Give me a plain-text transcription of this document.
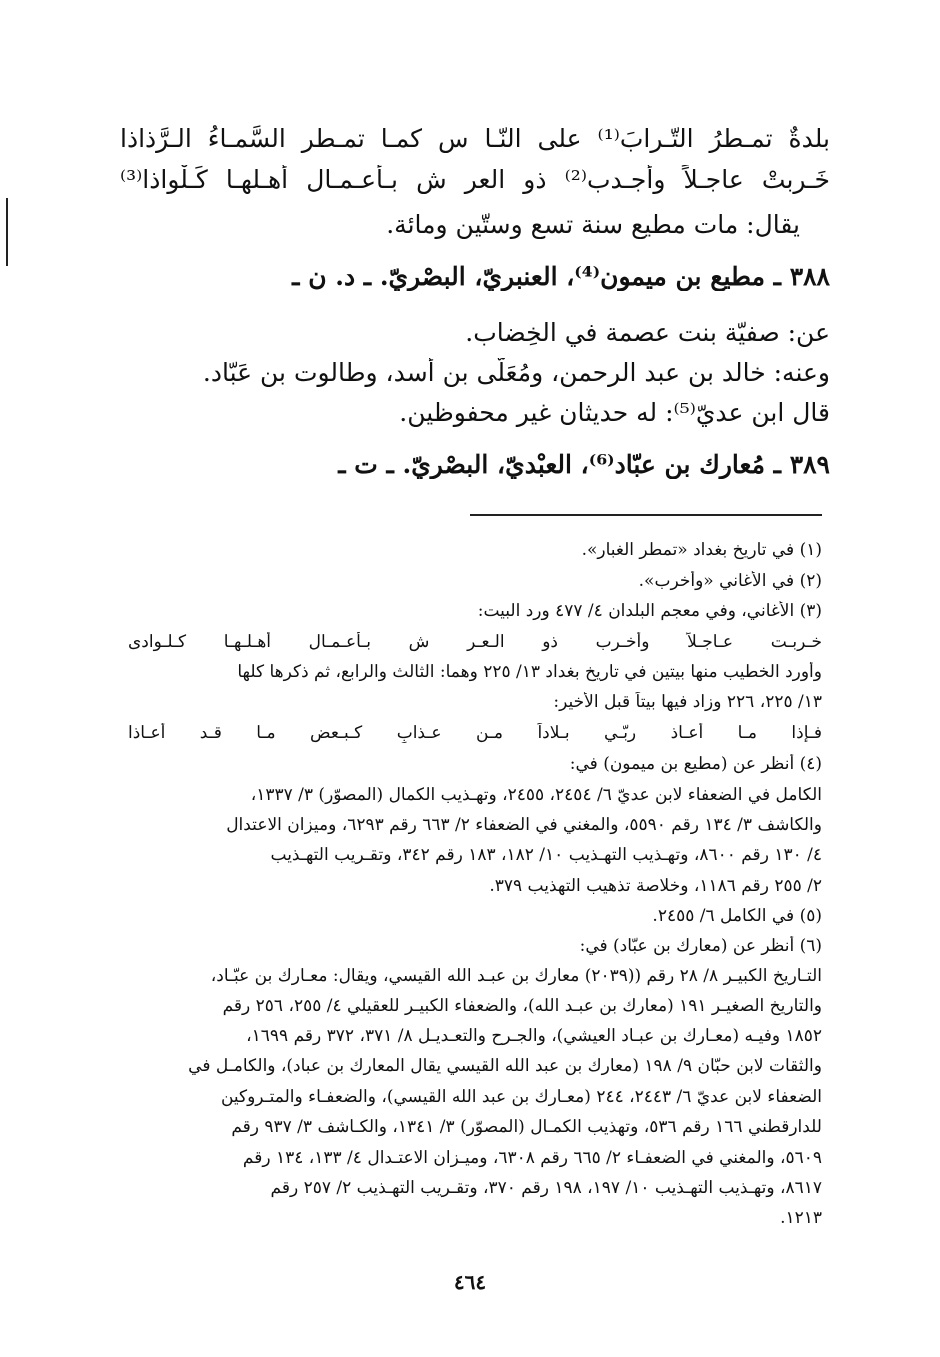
بلدةٌ تمـطرُ التّـرابَ⁽¹⁾ على النّـا س كمـا تمـطر السَّمـاءُ الـرَّذاذا
خَـرِبتْ عاجـلاً وأجـدب⁽²⁾ ذو العر ش بـأعـمـال أهـلهـا كَـلْواذا⁽³⁾
يقال: مات مطيع سنة تسعٍ وستّين ومائة.
٣٨٨ ـ مطيع بن ميمون⁽⁴⁾، العنبريّ، البصْريّ. ـ د. ن ـ
عن: صفيّة بنت عصمة في الخِضاب.
وعنه: خالد بن عبد الرحمن، ومُعَلّى بن أسد، وطالوت بن عَبّاد.
قال ابن عديّ⁽⁵⁾: له حديثان غير محفوظين.
٣٨٩ ـ مُعارك بن عبّاد⁽⁶⁾، العبْديّ، البصْريّ. ـ ت ـ
(١) في تاريخ بغداد «تمطر الغبار».
(٢) في الأغاني «وأخرب».
(٣) الأغاني، وفي معجم البلدان ٤/ ٤٧٧ ورد البيت:
خـربـت عـاجـلاً وأخـرب ذو الـعـر ش بـأعـمـال أهـلـهـا كـلـوادى
وأورد الخطيب منها بيتين في تاريخ بغداد ١٣/ ٢٢٥ وهما: الثالث والرابع، ثم ذكرها كلها
١٣/ ٢٢٥، ٢٢٦ وزاد فيها بيتاً قبل الأخير:
فـإذا مـا أعـاذ ربّـي بـلاداً مـن عـذابٍ كـبـعض مـا قـد أعـاذا
(٤) أنظر عن (مطيع بن ميمون) في:
الكامل في الضعفاء لابن عديّ ٦/ ٢٤٥٤، ٢٤٥٥، وتهـذيب الكمال (المصوّر) ٣/ ١٣٣٧،
والكاشف ٣/ ١٣٤ رقم ٥٥٩٠، والمغني في الضعفاء ٢/ ٦٦٣ رقم ٦٢٩٣، وميزان الاعتدال
٤/ ١٣٠ رقم ٨٦٠٠، وتهـذيب التهـذيب ١٠/ ١٨٢، ١٨٣ رقم ٣٤٢، وتقـريب التهـذيب
٢/ ٢٥٥ رقم ١١٨٦، وخلاصة تذهيب التهذيب ٣٧٩.
(٥) في الكامل ٦/ ٢٤٥٥.
(٦) أنظر عن (معارك بن عبّاد) في:
التـاريخ الكبيـر ٨/ ٢٨ رقم ((٢٠٣٩) معارك بن عبـد الله القيسي، ويقال: معـارك بن عبّـاد،
والتاريخ الصغيـر ١٩١ (معارك بن عبـد الله)، والضعفاء الكبيـر للعقيلي ٤/ ٢٥٥، ٢٥٦ رقم
١٨٥٢ وفيـه (معـارك بن عبـاد العيشي)، والجـرح والتعـديـل ٨/ ٣٧١، ٣٧٢ رقم ١٦٩٩،
والثقات لابن حبّان ٩/ ١٩٨ (معارك بن عبد الله القيسي يقال المعارك بن عباد)، والكامـل في
الضعفاء لابن عديّ ٦/ ٢٤٤٣، ٢٤٤ (معـارك بن عبد الله القيسي)، والضعفـاء والمتـروكين
للدارقطني ١٦٦ رقم ٥٣٦، وتهذيب الكمـال (المصوّر) ٣/ ١٣٤١، والكـاشف ٣/ ٩٣٧ رقم
٥٦٠٩، والمغني في الضعفـاء ٢/ ٦٦٥ رقم ٦٣٠٨، وميـزان الاعتـدال ٤/ ١٣٣، ١٣٤ رقم
٨٦١٧، وتهـذيب التهـذيب ١٠/ ١٩٧، ١٩٨ رقم ٣٧٠، وتقـريب التهـذيب ٢/ ٢٥٧ رقم
١٢١٣.
٤٦٤
